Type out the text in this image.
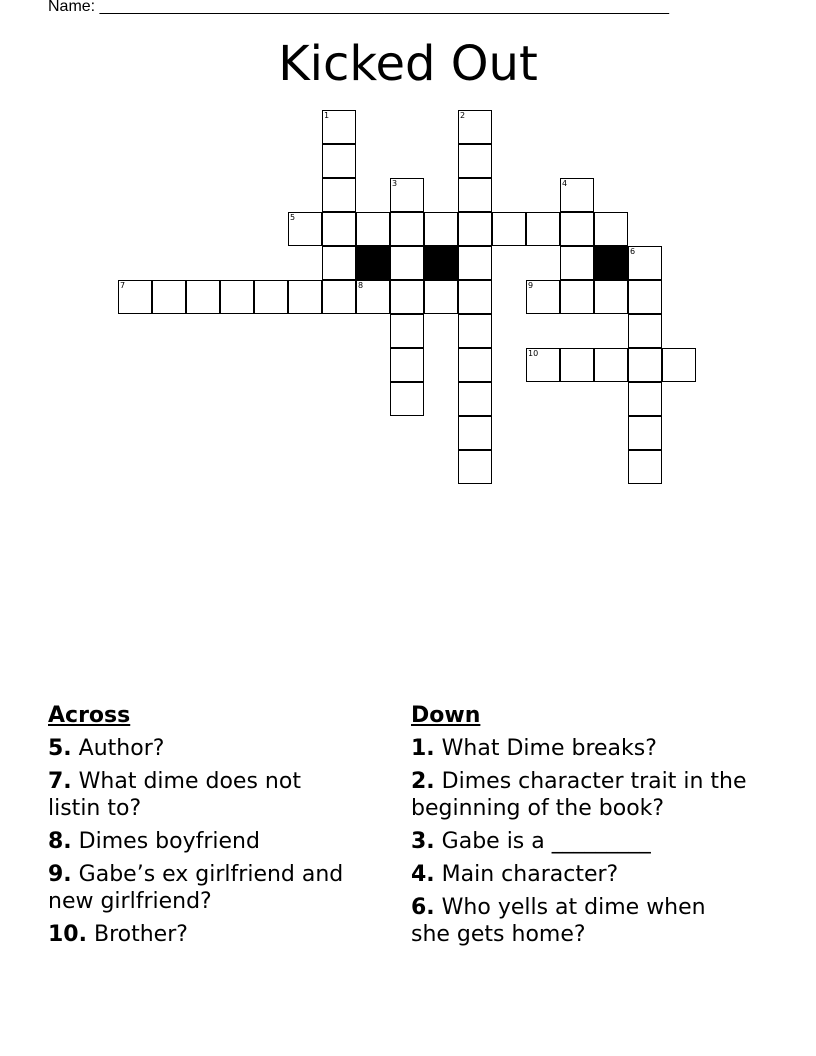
Name: ________________________________________________________________
Kicked Out
1	2
3	4
5
6
7	8	9
10
Across
5. Author?
7. What dime does not listin to?
8. Dimes boyfriend
9. Gabe’s ex girlfriend and new girlfriend?
10. Brother?
Down
1. What Dime breaks?
2. Dimes character trait in the beginning of the book?
3. Gabe is a _________
4. Main character?
6. Who yells at dime when she gets home?
